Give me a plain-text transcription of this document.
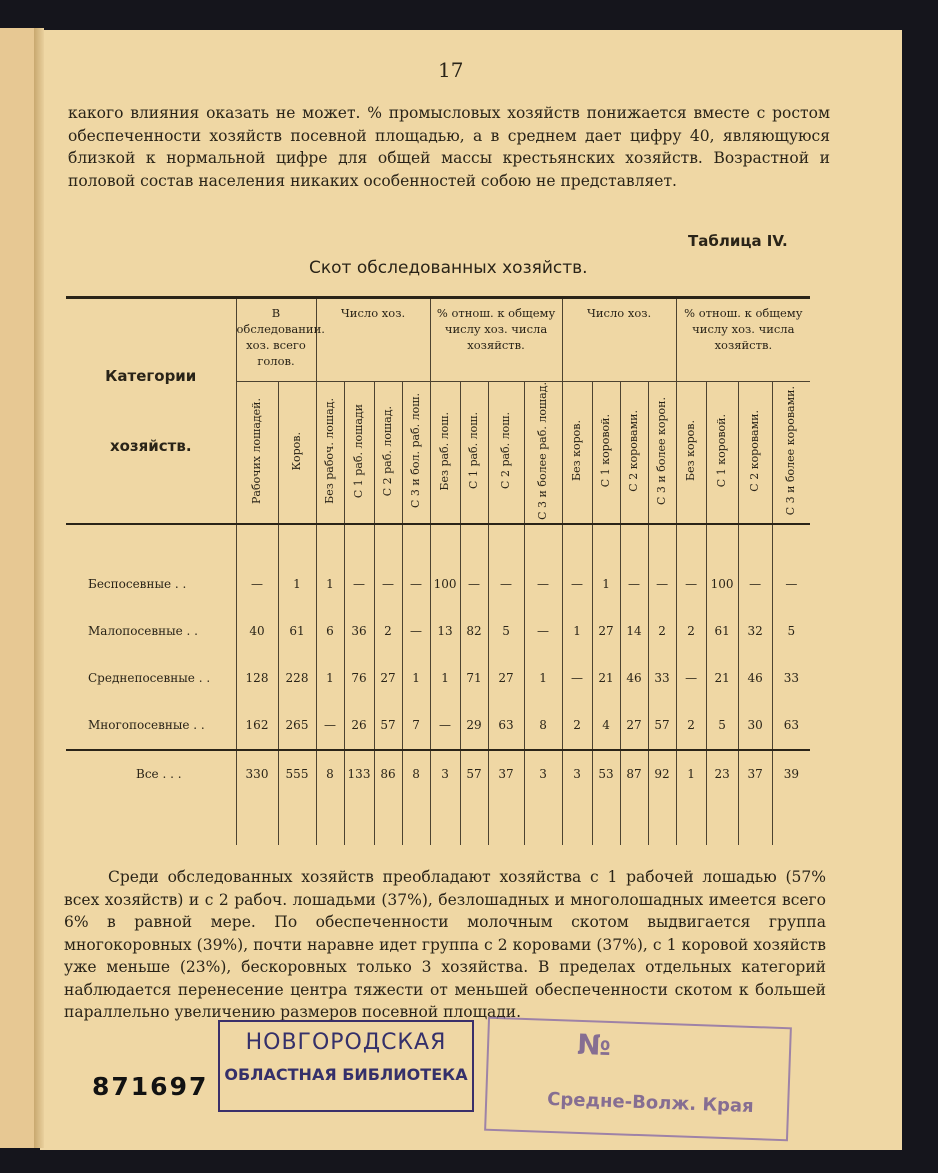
17
какого влияния оказать не может. % промысловых хозяйств понижается вместе с ростом обеспеченности хозяйств посевной площадью, а в среднем дает цифру 40, являющуюся близкой к нормальной цифре для общей массы крестьянских хозяйств. Возрастной и половой состав населения никаких особенностей собою не представляет.
Таблица IV.
Скот обследованных хозяйств.
Категории
хозяйств.	В обследовании. хоз. всего голов.		Число хоз.				% отнош. к общему числу хоз. числа хозяйств.				Число хоз.				% отнош. к общему числу хоз. числа хозяйств.			
	Рабочих лошадей.	Коров.	Без рабоч. лошад.	С 1 раб. лошади	С 2 раб. лошад.	С 3 и бол. раб. лош.	Без раб. лош.	С 1 раб. лош.	С 2 раб. лош.	С 3 и более раб. лошад.	Без коров.	С 1 коровой.	С 2 коровами.	С 3 и более корон.	Без коров.	С 1 коровой.	С 2 коровами.	С 3 и более коровами.
Беспосевные . .	—	1	1	—	—	—	100	—	—	—	—	1	—	—	—	100	—	—
Малопосевные . .	40	61	6	36	2	—	13	82	5	—	1	27	14	2	2	61	32	5
Среднепосевные . .	128	228	1	76	27	1	1	71	27	1	—	21	46	33	—	21	46	33
Многопосевные . .	162	265	—	26	57	7	—	29	63	8	2	4	27	57	2	5	30	63
Все . . .	330	555	8	133	86	8	3	57	37	3	3	53	87	92	1	23	37	39
Среди обследованных хозяйств преобладают хозяйства с 1 рабочей лошадью (57% всех хозяйств) и с 2 рабоч. лошадьми (37%), безлошадных и многолошадных имеется всего 6% в равной мере. По обеспеченности молочным скотом выдвигается группа многокоровных (39%), почти наравне идет группа с 2 коровами (37%), с 1 коровой хозяйств уже меньше (23%), бескоровных только 3 хозяйства. В пределах отдельных категорий наблюдается перенесение центра тяжести от меньшей обеспеченности скотом к большей параллельно увеличению размеров посевной площади.
№
Средне-Волж. Края
НОВГОРОДСКАЯ
ОБЛАСТНАЯ БИБЛИОТЕКА
871697
